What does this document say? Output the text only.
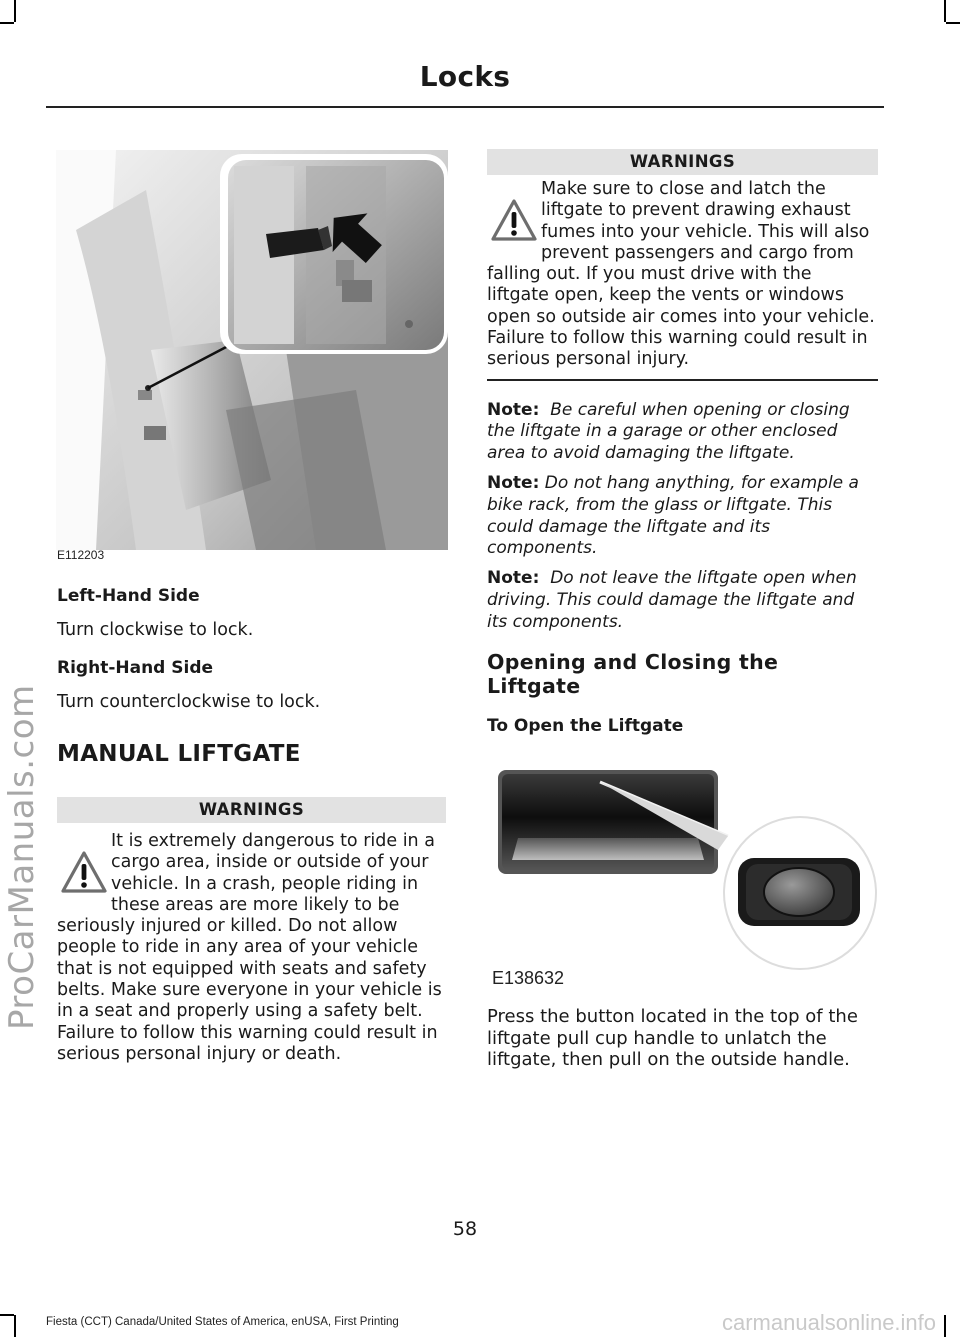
Locks
ProCarManuals.com
E112203

Left-Hand Side

Turn clockwise to lock.

Right-Hand Side

Turn counterclockwise to lock.

MANUAL LIFTGATE

WARNINGS
It is extremely dangerous to ride in a cargo area, inside or outside of your vehicle. In a crash, people riding in these areas are more likely to be seriously injured or killed. Do not allow people to ride in any area of your vehicle that is not equipped with seats and safety belts. Make sure everyone in your vehicle is in a seat and properly using a safety belt. Failure to follow this warning could result in serious personal injury or death.
WARNINGS
Make sure to close and latch the liftgate to prevent drawing exhaust fumes into your vehicle. This will also prevent passengers and cargo from falling out. If you must drive with the liftgate open, keep the vents or windows open so outside air comes into your vehicle. Failure to follow this warning could result in serious personal injury.

Note: Be careful when opening or closing the liftgate in a garage or other enclosed area to avoid damaging the liftgate.

Note: Do not hang anything, for example a bike rack, from the glass or liftgate. This could damage the liftgate and its components.

Note: Do not leave the liftgate open when driving. This could damage the liftgate and its components.

Opening and Closing the Liftgate

To Open the Liftgate

E138632

Press the button located in the top of the liftgate pull cup handle to unlatch the liftgate, then pull on the outside handle.

58
Fiesta (CCT) Canada/United States of America, enUSA, First Printing	carmanualsonline.info
